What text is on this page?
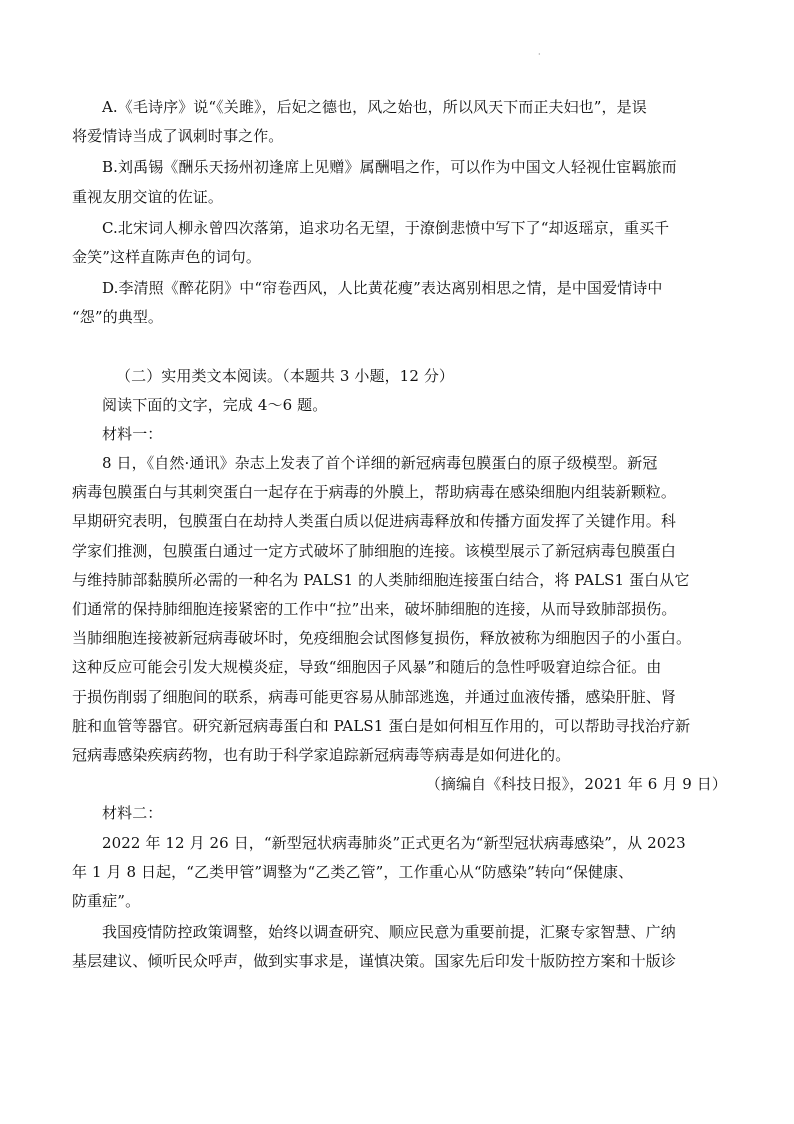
·
A.《毛诗序》说“《关雎》，后妃之德也，风之始也，所以风天下而正夫妇也”，是误
将爱情诗当成了讽刺时事之作。
B.刘禹锡《酬乐天扬州初逢席上见赠》属酬唱之作，可以作为中国文人轻视仕宦羁旅而
重视友朋交谊的佐证。
C.北宋词人柳永曾四次落第，追求功名无望，于潦倒悲愤中写下了“却返瑶京，重买千
金笑”这样直陈声色的词句。
D.李清照《醉花阴》中“帘卷西风，人比黄花瘦”表达离别相思之情，是中国爱情诗中
“怨”的典型。
（二）实用类文本阅读。（本题共 3 小题，12 分）
阅读下面的文字，完成 4～6 题。
材料一：
8 日，《自然·通讯》杂志上发表了首个详细的新冠病毒包膜蛋白的原子级模型。新冠
病毒包膜蛋白与其刺突蛋白一起存在于病毒的外膜上，帮助病毒在感染细胞内组装新颗粒。
早期研究表明，包膜蛋白在劫持人类蛋白质以促进病毒释放和传播方面发挥了关键作用。科
学家们推测，包膜蛋白通过一定方式破坏了肺细胞的连接。该模型展示了新冠病毒包膜蛋白
与维持肺部黏膜所必需的一种名为 PALS1 的人类肺细胞连接蛋白结合，将 PALS1 蛋白从它
们通常的保持肺细胞连接紧密的工作中“拉”出来，破坏肺细胞的连接，从而导致肺部损伤。
当肺细胞连接被新冠病毒破坏时，免疫细胞会试图修复损伤，释放被称为细胞因子的小蛋白。
这种反应可能会引发大规模炎症，导致“细胞因子风暴”和随后的急性呼吸窘迫综合征。由
于损伤削弱了细胞间的联系，病毒可能更容易从肺部逃逸，并通过血液传播，感染肝脏、肾
脏和血管等器官。研究新冠病毒蛋白和 PALS1 蛋白是如何相互作用的，可以帮助寻找治疗新
冠病毒感染疾病药物，也有助于科学家追踪新冠病毒等病毒是如何进化的。
（摘编自《科技日报》，2021 年 6 月 9 日）
材料二：
2022 年 12 月 26 日，“新型冠状病毒肺炎”正式更名为“新型冠状病毒感染”，从 2023
年 1 月 8 日起，“乙类甲管”调整为“乙类乙管”，工作重心从“防感染”转向“保健康、
防重症”。
我国疫情防控政策调整，始终以调查研究、顺应民意为重要前提，汇聚专家智慧、广纳
基层建议、倾听民众呼声，做到实事求是，谨慎决策。国家先后印发十版防控方案和十版诊
